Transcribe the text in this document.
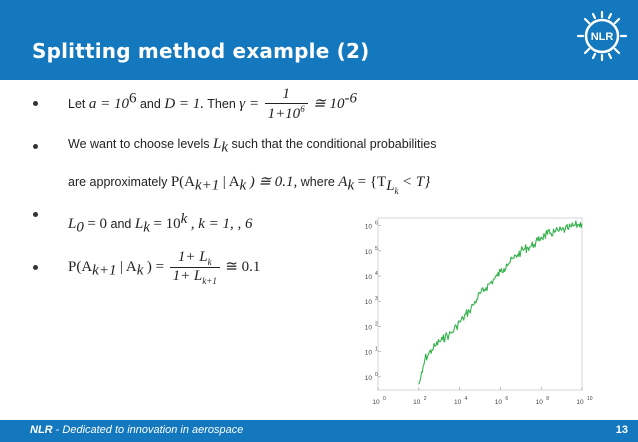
Splitting method example (2)
NLR
Let $a = 10^6$ and D = 1. Then $\gamma = \frac{1}{1+10^6}$ ≅ $10^{-6}$
We want to choose levels $L_k$ such that the conditional probabilities
are approximately $P(A_{k+1}$ | $A_k$ ) ≅ 0.1, where $A_k = \{T_{L_k} < T\}$
$L_0 = 0$ and $L_k = 10^k$ , k = 1, , 6
$P(A_{k+1}$ | $A_k$ ) = $\frac{1+ L_k}{1+ L_{k+1}}$ ≅ 0.1
10 0
10 1
10 2
10 3
10 4
10 5
10 6
10 0	10 2	10 4	10 6	10 8	10 10
NLR - Dedicated to innovation in aerospace	13
